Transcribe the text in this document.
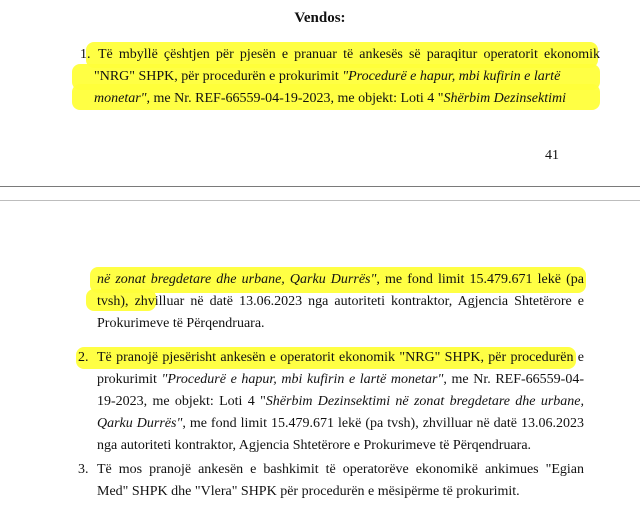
Vendos:
1. Të mbyllë çështjen për pjesën e pranuar të ankesës së paraqitur operatorit ekonomik
"NRG" SHPK, për procedurën e prokurimit "Procedurë e hapur, mbi kufirin e lartë
monetar", me Nr. REF-66559-04-19-2023, me objekt: Loti 4 "Shërbim Dezinsektimi
41
në zonat bregdetare dhe urbane, Qarku Durrës", me fond limit 15.479.671 lekë (pa
tvsh), zhvilluar në datë 13.06.2023 nga autoriteti kontraktor, Agjencia Shtetërore e
Prokurimeve të Përqendruara.
2. Të pranojë pjesërisht ankesën e operatorit ekonomik "NRG" SHPK, për procedurën e
prokurimit "Procedurë e hapur, mbi kufirin e lartë monetar", me Nr. REF-66559-04-
19-2023, me objekt: Loti 4 "Shërbim Dezinsektimi në zonat bregdetare dhe urbane,
Qarku Durrës", me fond limit 15.479.671 lekë (pa tvsh), zhvilluar në datë 13.06.2023
nga autoriteti kontraktor, Agjencia Shtetërore e Prokurimeve të Përqendruara.
3. Të mos pranojë ankesën e bashkimit të operatorëve ekonomikë ankimues "Egian
Med" SHPK dhe "Vlera" SHPK për procedurën e mësipërme të prokurimit.
